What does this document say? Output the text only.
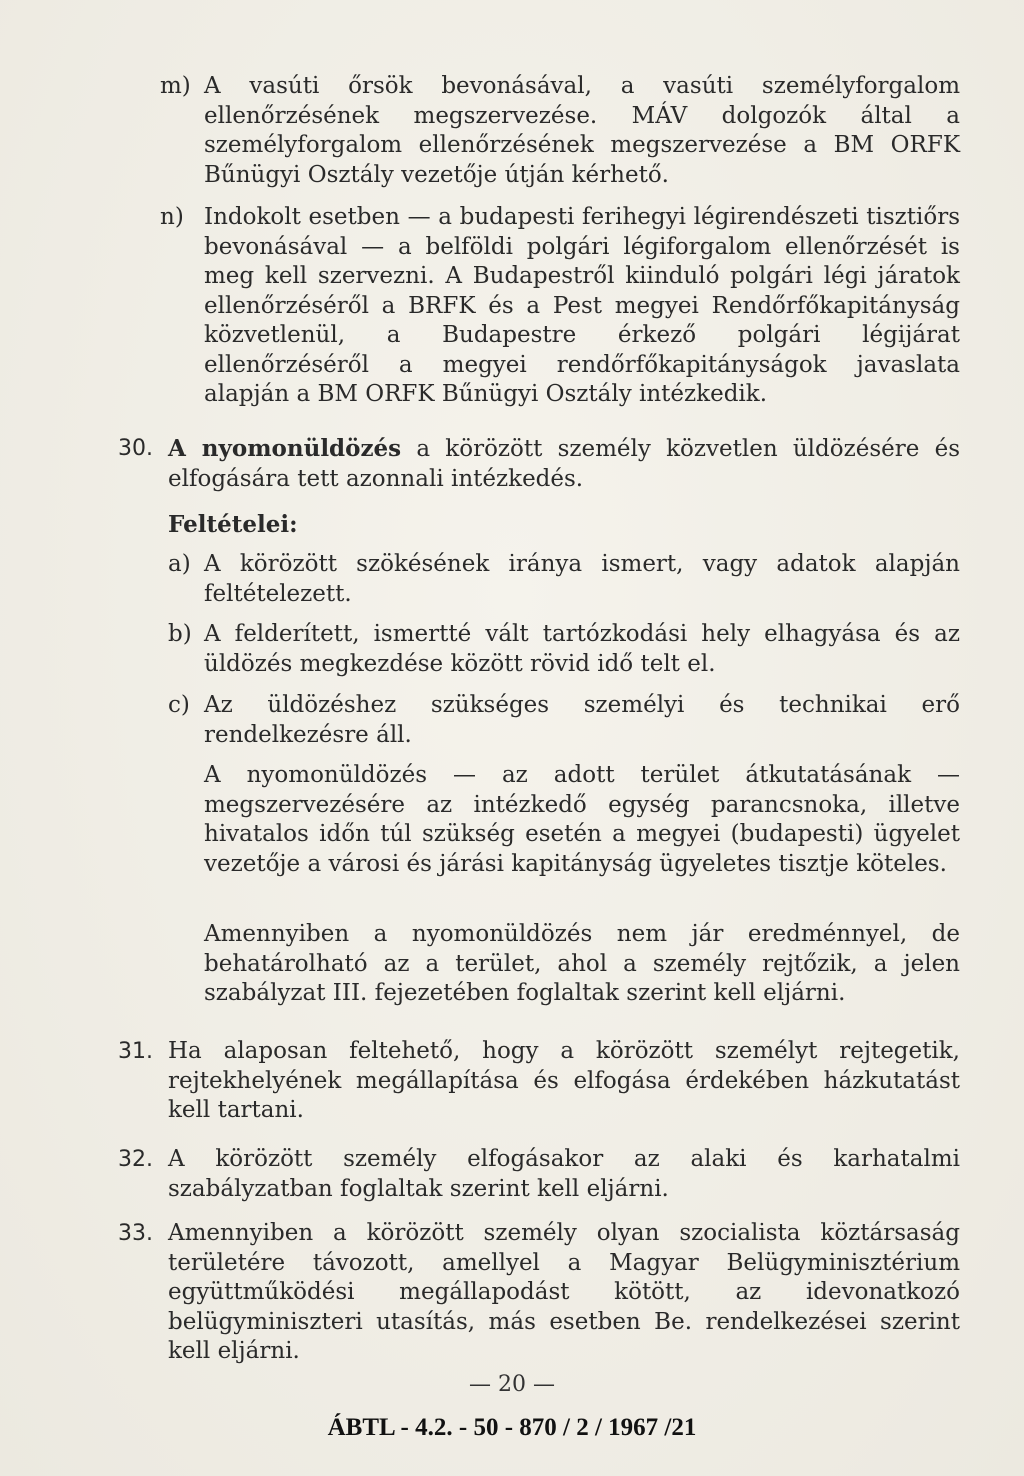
m) A vasúti őrsök bevonásával, a vasúti személyforgalom ellenőrzésének megszervezése. MÁV dolgozók által a személyforgalom ellenőrzésének megszervezése a BM ORFK Bűnügyi Osztály vezetője útján kérhető.

n) Indokolt esetben — a budapesti ferihegyi légirendészeti tisztiőrs bevonásával — a belföldi polgári légiforgalom ellenőrzését is meg kell szervezni. A Budapestről kiinduló polgári légi járatok ellenőrzéséről a BRFK és a Pest megyei Rendőrfőkapitányság közvetlenül, a Budapestre érkező polgári légijárat ellenőrzéséről a megyei rendőrfőkapitányságok javaslata alapján a BM ORFK Bűnügyi Osztály intézkedik.

30. A nyomonüldözés a körözött személy közvetlen üldözésére és elfogására tett azonnali intézkedés.

Feltételei:
a) A körözött szökésének iránya ismert, vagy adatok alapján feltételezett.

b) A felderített, ismertté vált tartózkodási hely elhagyása és az üldözés megkezdése között rövid idő telt el.

c) Az üldözéshez szükséges személyi és technikai erő rendelkezésre áll.

A nyomonüldözés — az adott terület átkutatásának — megszervezésére az intézkedő egység parancsnoka, illetve hivatalos időn túl szükség esetén a megyei (budapesti) ügyelet vezetője a városi és járási kapitányság ügyeletes tisztje köteles.

Amennyiben a nyomonüldözés nem jár eredménnyel, de behatárolható az a terület, ahol a személy rejtőzik, a jelen szabályzat III. fejezetében foglaltak szerint kell eljárni.

31. Ha alaposan feltehető, hogy a körözött személyt rejtegetik, rejtekhelyének megállapítása és elfogása érdekében házkutatást kell tartani.

32. A körözött személy elfogásakor az alaki és karhatalmi szabályzatban foglaltak szerint kell eljárni.

33. Amennyiben a körözött személy olyan szocialista köztársaság területére távozott, amellyel a Magyar Belügyminisztérium együttműködési megállapodást kötött, az idevonatkozó belügyminiszteri utasítás, más esetben Be. rendelkezései szerint kell eljárni.

— 20 —
ÁBTL - 4.2. - 50 - 870 / 2 / 1967 /21
